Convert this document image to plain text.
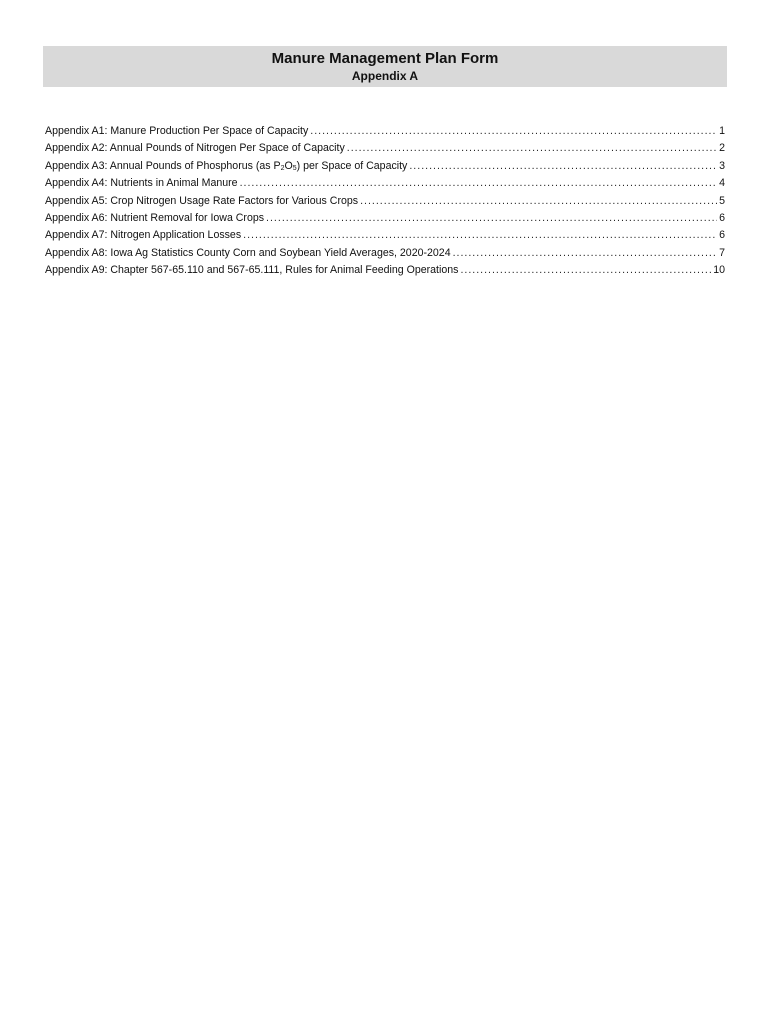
Manure Management Plan Form
Appendix A
Appendix A1: Manure Production Per Space of Capacity .....	1
Appendix A2: Annual Pounds of Nitrogen Per Space of Capacity .....	2
Appendix A3: Annual Pounds of Phosphorus (as $P_2O_5$) per Space of Capacity .....	3
Appendix A4: Nutrients in Animal Manure .....	4
Appendix A5: Crop Nitrogen Usage Rate Factors for Various Crops .....	5
Appendix A6: Nutrient Removal for Iowa Crops .....	6
Appendix A7: Nitrogen Application Losses .....	6
Appendix A8: Iowa Ag Statistics County Corn and Soybean Yield Averages, 2020-2024 .....	7
Appendix A9: Chapter 567-65.110 and 567-65.111, Rules for Animal Feeding Operations .....	10
